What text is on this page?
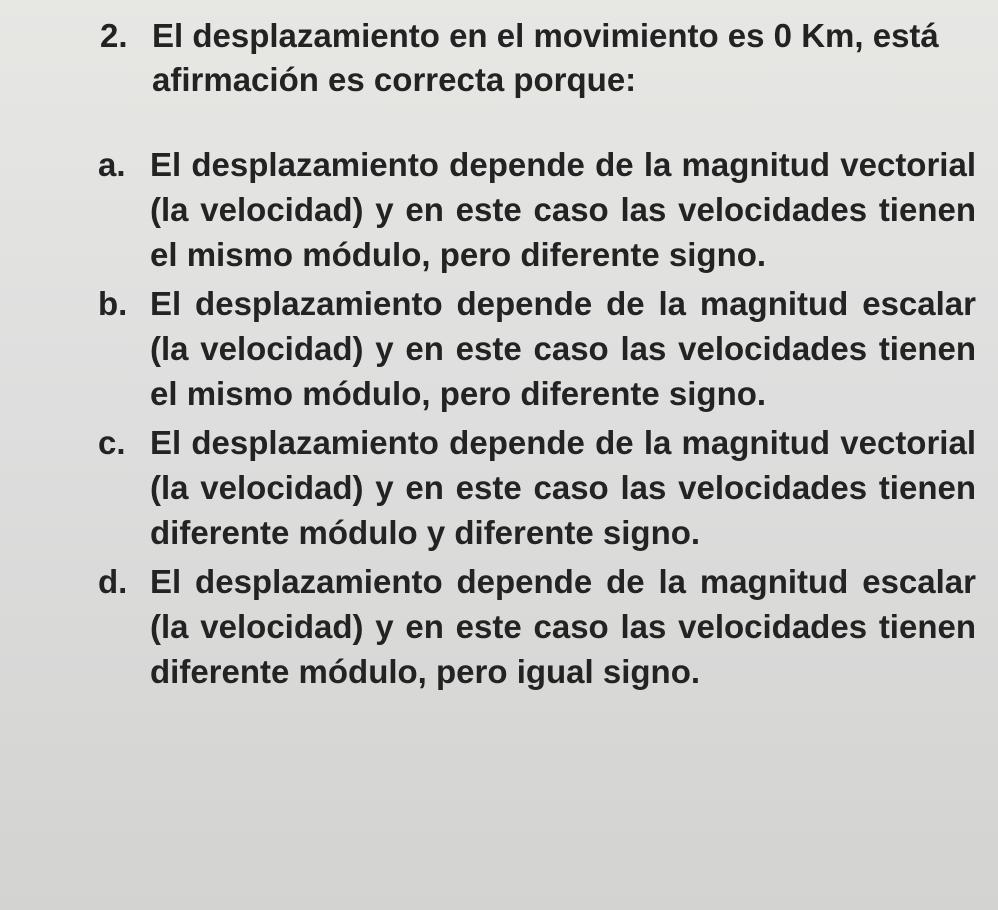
2. El desplazamiento en el movimiento es 0 Km, está afirmación es correcta porque:

a. El desplazamiento depende de la magnitud vectorial (la velocidad) y en este caso las velocidades tienen el mismo módulo, pero diferente signo.

b. El desplazamiento depende de la magnitud escalar (la velocidad) y en este caso las velocidades tienen el mismo módulo, pero diferente signo.

c. El desplazamiento depende de la magnitud vectorial (la velocidad) y en este caso las velocidades tienen diferente módulo y diferente signo.

d. El desplazamiento depende de la magnitud escalar (la velocidad) y en este caso las velocidades tienen diferente módulo, pero igual signo.
